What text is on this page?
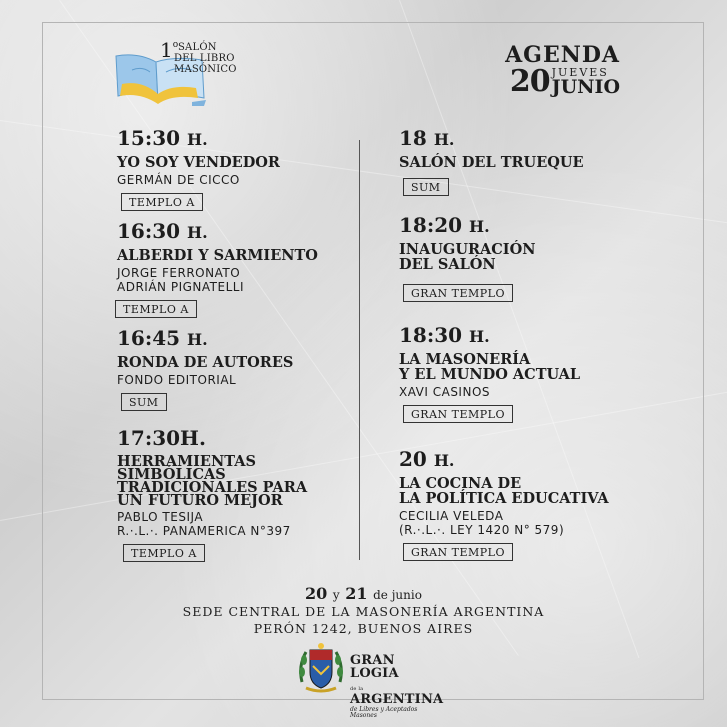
1$^o$ SALÓN
DEL LIBRO
MASÓNICO
AGENDA
20 JUEVES
JUNIO
15:30 H.
YO SOY VENDEDOR
GERMÁN DE CICCO
TEMPLO A
16:30 H.
ALBERDI Y SARMIENTO
JORGE FERRONATO
ADRIÁN PIGNATELLI
TEMPLO A
16:45 H.
RONDA DE AUTORES
FONDO EDITORIAL
SUM
17:30H.
HERRAMIENTAS
SIMBÓLICAS
TRADICIONALES PARA
UN FUTURO MEJOR
PABLO TESIJA
R.·.L.·. PANAMERICA N°397
TEMPLO A
18 H.
SALÓN DEL TRUEQUE
SUM
18:20 H.
INAUGURACIÓN
DEL SALÓN
GRAN TEMPLO
18:30 H.
LA MASONERÍA
Y EL MUNDO ACTUAL
XAVI CASINOS
GRAN TEMPLO
20 H.
LA COCINA DE
LA POLÍTICA EDUCATIVA
CECILIA VELEDA
(R.·.L.·. LEY 1420 N° 579)
GRAN TEMPLO
20 y 21 de junio
SEDE CENTRAL DE LA MASONERÍA ARGENTINA
PERÓN 1242, BUENOS AIRES
GRAN LOGIA
de la ARGENTINA
de Libres y Aceptados Masones
